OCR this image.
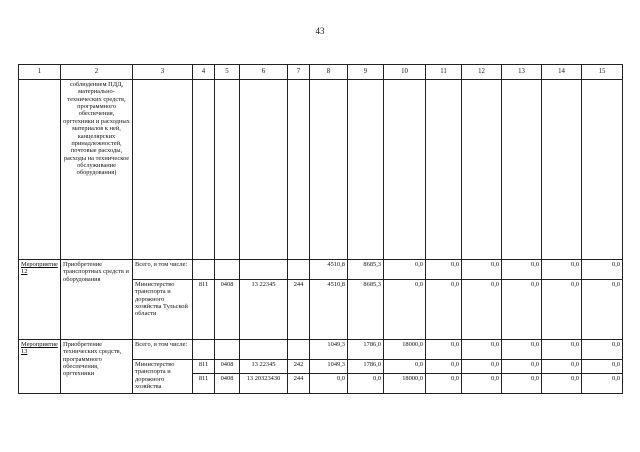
43
1	2	3	4	5	6	7	8	9	10	11	12	13	14	15
	соблюдением ПДД, материально-технических средств, программного обеспечения, оргтехники и расходных материалов к ней, канцелярских принадлежностей, почтовые расходы, расходы на техническое обслуживание оборудования)													
Мероприятие 12	Приобретение транспортных средств и оборудования	Всего, в том числе:					4510,8	8685,3	0,0	0,0	0,0	0,0	0,0	0,0
		Министерство транспорта и дорожного хозяйства Тульской области	811	0408	13 22345	244	4510,8	8685,3	0,0	0,0	0,0	0,0	0,0	0,0
Мероприятие 13	Приобретение технических средств, программного обеспечения, оргтехники	Всего, в том числе:					1049,3	1786,0	18000,0	0,0	0,0	0,0	0,0	0,0
		Министерство транспорта и дорожного хозяйства	811	0408	13 22345	242	1049,3	1786,0	0,0	0,0	0,0	0,0	0,0	0,0
			811	0408	13 20323430	244	0,0	0,0	18000,0	0,0	0,0	0,0	0,0	0,0
